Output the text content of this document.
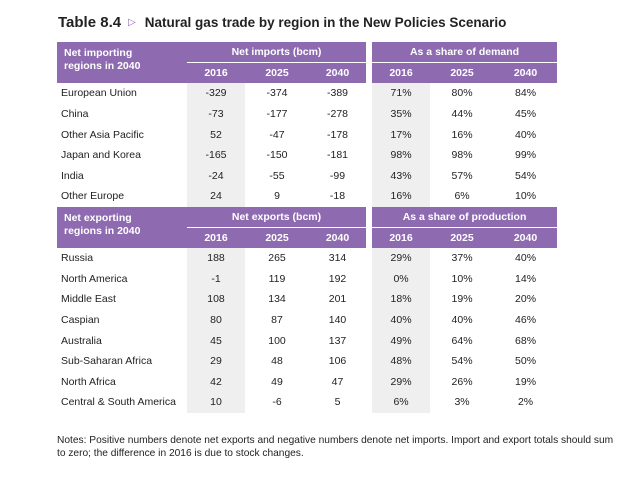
Table 8.4 ▷ Natural gas trade by region in the New Policies Scenario
Net importing
regions in 2040	Net imports (bcm)				As a share of demand		
	2016	2025	2040		2016	2025	2040
European Union	-329	-374	-389		71%	80%	84%
China	-73	-177	-278		35%	44%	45%
Other Asia Pacific	52	-47	-178		17%	16%	40%
Japan and Korea	-165	-150	-181		98%	98%	99%
India	-24	-55	-99		43%	57%	54%
Other Europe	24	9	-18		16%	6%	10%
Net exporting
regions in 2040	Net exports (bcm)				As a share of production		
	2016	2025	2040		2016	2025	2040
Russia	188	265	314		29%	37%	40%
North America	-1	119	192		0%	10%	14%
Middle East	108	134	201		18%	19%	20%
Caspian	80	87	140		40%	40%	46%
Australia	45	100	137		49%	64%	68%
Sub-Saharan Africa	29	48	106		48%	54%	50%
North Africa	42	49	47		29%	26%	19%
Central & South America	10	-6	5		6%	3%	2%
Notes: Positive numbers denote net exports and negative numbers denote net imports. Import and export totals should sum to zero; the difference in 2016 is due to stock changes.
